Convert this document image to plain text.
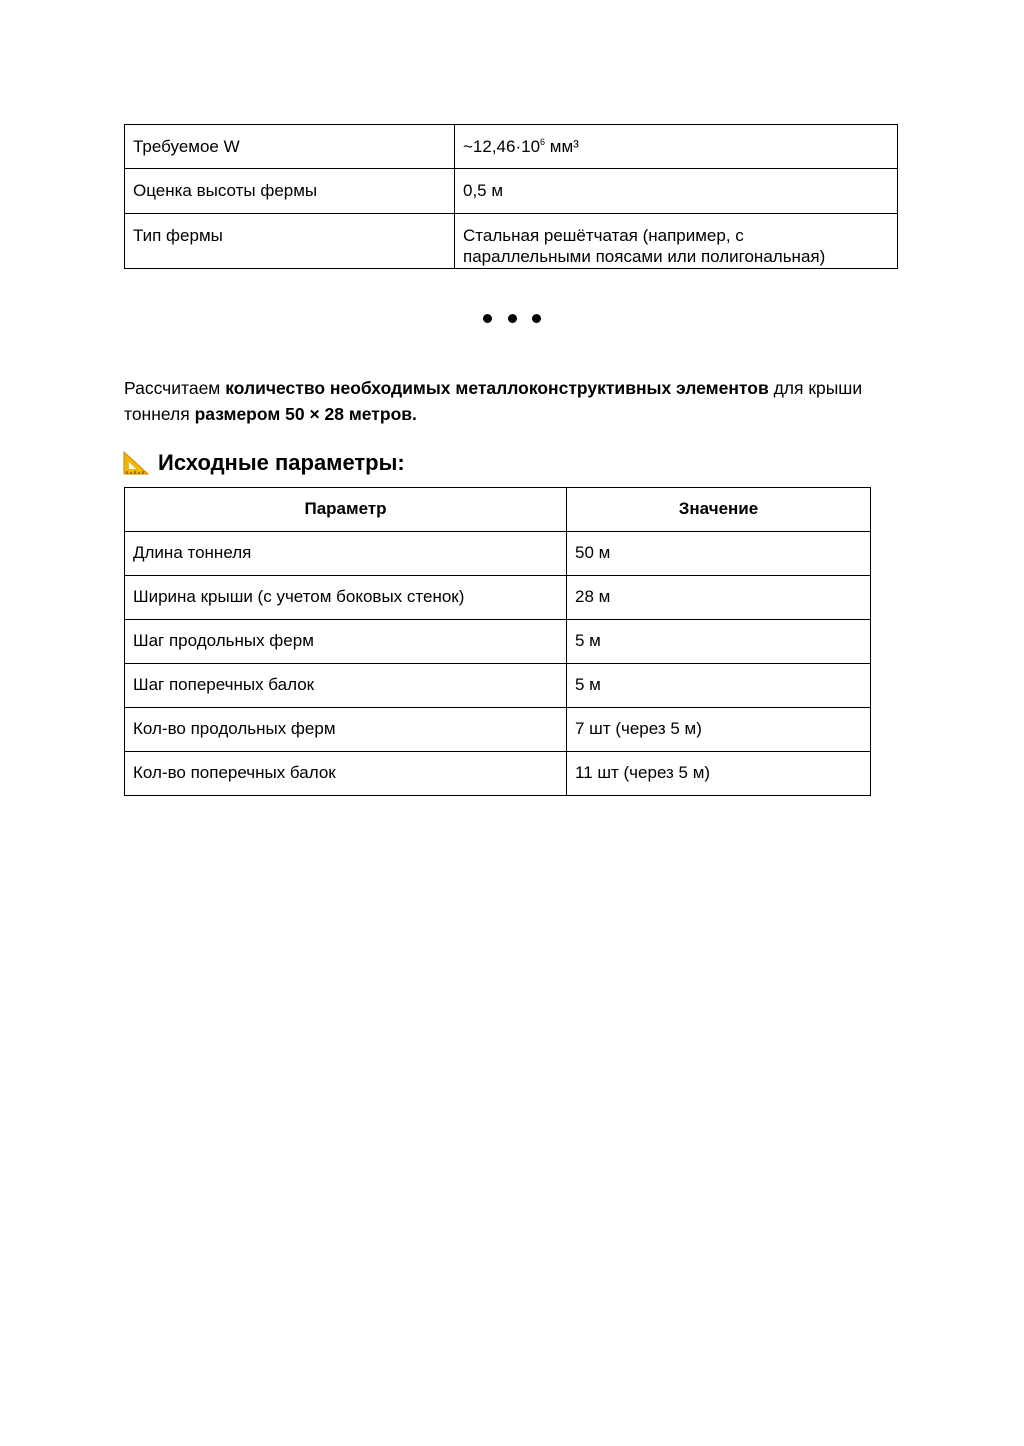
Требуемое W	$\sim 12,46\cdot 10^6$ мм³
Оценка высоты фермы	0,5 м
Тип фермы	Стальная решётчатая (например, с
параллельными поясами или полигональная)

Рассчитаем количество необходимых металлоконструктивных элементов для крыши тоннеля размером 50 × 28 метров.

Исходные параметры:
Параметр	Значение
Длина тоннеля	50 м
Ширина крыши (с учетом боковых стенок)	28 м
Шаг продольных ферм	5 м
Шаг поперечных балок	5 м
Кол-во продольных ферм	7 шт (через 5 м)
Кол-во поперечных балок	11 шт (через 5 м)
